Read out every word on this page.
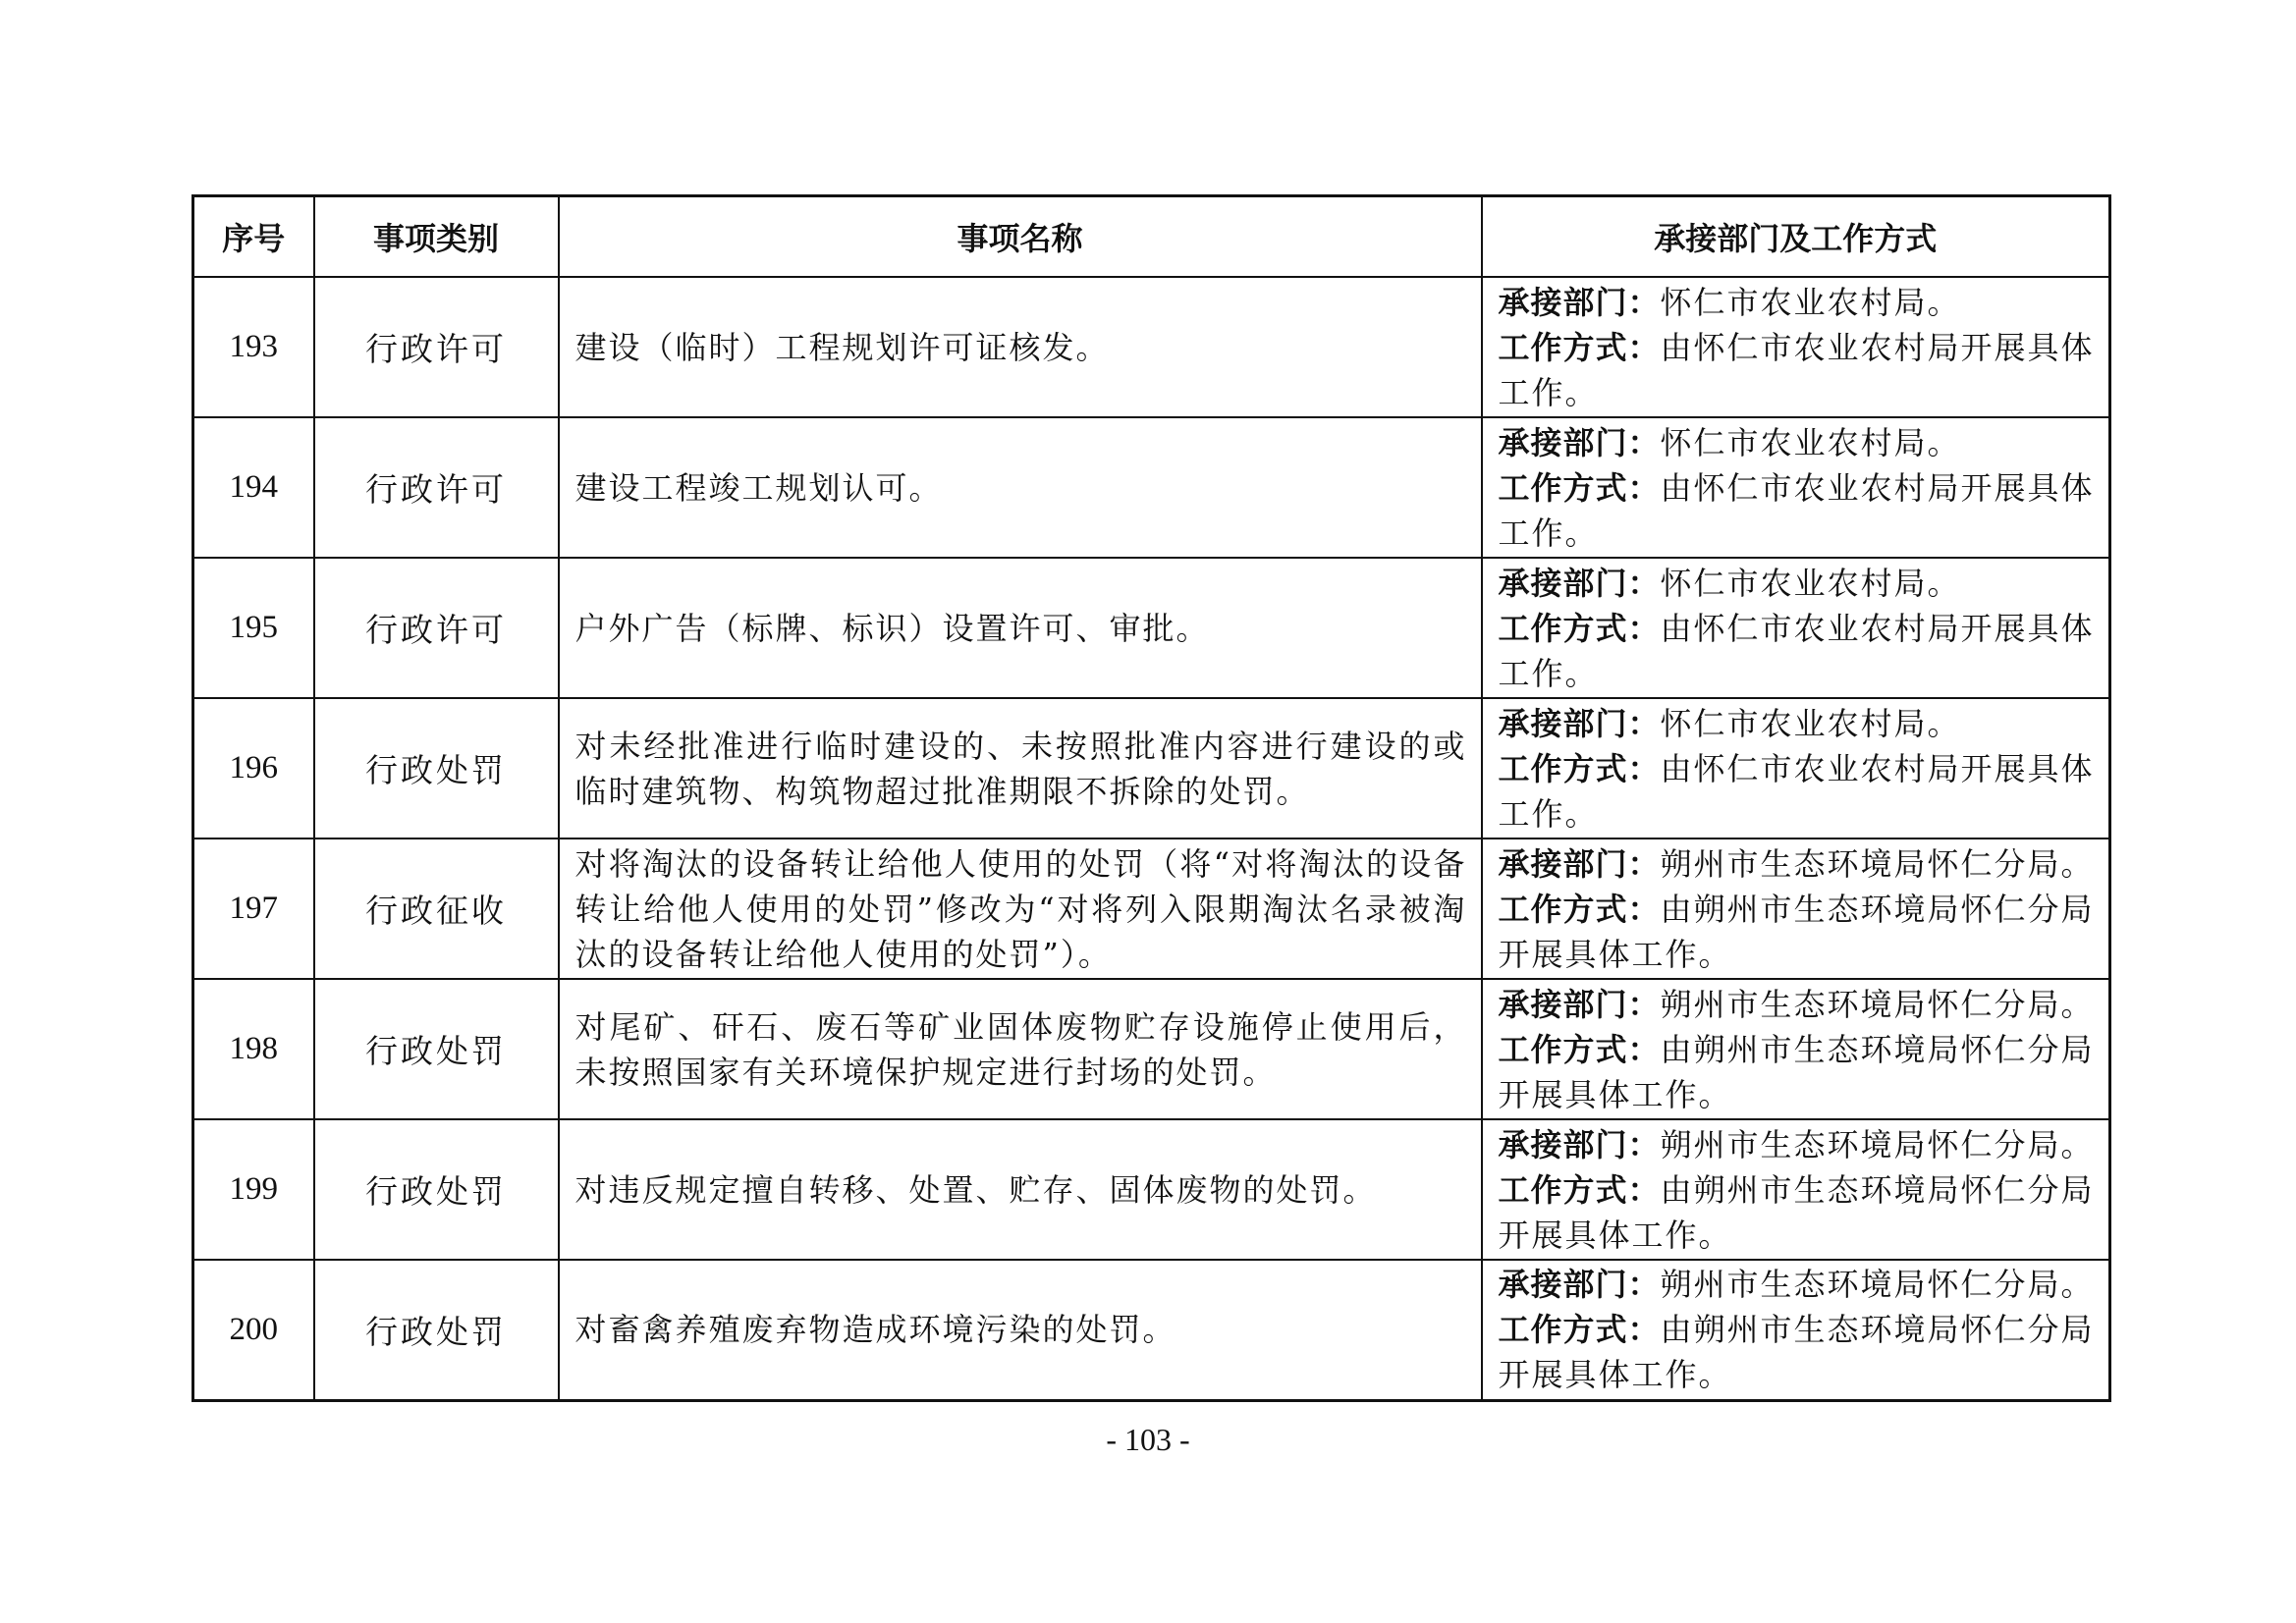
序号	事项类别	事项名称	承接部门及工作方式
193	行政许可	建设（临时）工程规划许可证核发。	承接部门：怀仁市农业农村局。
工作方式：由怀仁市农业农村局开展具体工作。
194	行政许可	建设工程竣工规划认可。	承接部门：怀仁市农业农村局。
工作方式：由怀仁市农业农村局开展具体工作。
195	行政许可	户外广告（标牌、标识）设置许可、审批。	承接部门：怀仁市农业农村局。
工作方式：由怀仁市农业农村局开展具体工作。
196	行政处罚	对未经批准进行临时建设的、未按照批准内容进行建设的或临时建筑物、构筑物超过批准期限不拆除的处罚。	承接部门：怀仁市农业农村局。
工作方式：由怀仁市农业农村局开展具体工作。
197	行政征收	对将淘汰的设备转让给他人使用的处罚（将“对将淘汰的设备转让给他人使用的处罚”修改为“对将列入限期淘汰名录被淘汰的设备转让给他人使用的处罚”）。	承接部门：朔州市生态环境局怀仁分局。
工作方式：由朔州市生态环境局怀仁分局开展具体工作。
198	行政处罚	对尾矿、矸石、废石等矿业固体废物贮存设施停止使用后，未按照国家有关环境保护规定进行封场的处罚。	承接部门：朔州市生态环境局怀仁分局。
工作方式：由朔州市生态环境局怀仁分局开展具体工作。
199	行政处罚	对违反规定擅自转移、处置、贮存、固体废物的处罚。	承接部门：朔州市生态环境局怀仁分局。
工作方式：由朔州市生态环境局怀仁分局开展具体工作。
200	行政处罚	对畜禽养殖废弃物造成环境污染的处罚。	承接部门：朔州市生态环境局怀仁分局。
工作方式：由朔州市生态环境局怀仁分局开展具体工作。
- 103 -
